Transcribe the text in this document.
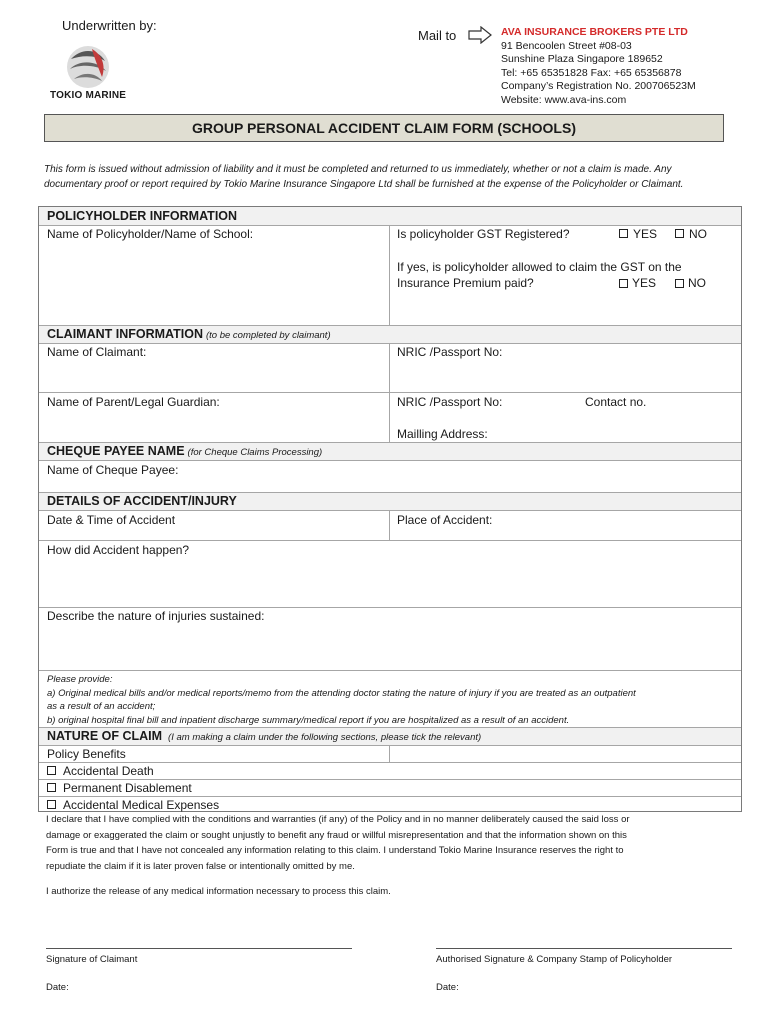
Underwritten by:
TOKIO MARINE
Mail to	AVA INSURANCE BROKERS PTE LTD
91 Bencoolen Street #08-03
Sunshine Plaza Singapore 189652
Tel: +65 65351828 Fax: +65 65356878
Company’s Registration No. 200706523M
Website: www.ava-ins.com
GROUP PERSONAL ACCIDENT CLAIM FORM (SCHOOLS)
This form is issued without admission of liability and it must be completed and returned to us immediately, whether or not a claim is made. Any
documentary proof or report required by Tokio Marine Insurance Singapore Ltd shall be furnished at the expense of the Policyholder or Claimant.
POLICYHOLDER INFORMATION
Name of Policyholder/Name of School:	Is policyholder GST Registered?	YES	NO
If yes, is policyholder allowed to claim the GST on the
Insurance Premium paid?	YES	NO
CLAIMANT INFORMATION (to be completed by claimant)
Name of Claimant:	NRIC /Passport No:
Name of Parent/Legal Guardian:	NRIC /Passport No:	Contact no.
Mailling Address:
CHEQUE PAYEE NAME (for Cheque Claims Processing)
Name of Cheque Payee:
DETAILS OF ACCIDENT/INJURY
Date & Time of Accident	Place of Accident:
How did Accident happen?
Describe the nature of injuries sustained:
Please provide:
a) Original medical bills and/or medical reports/memo from the attending doctor stating the nature of injury if you are treated as an outpatient
as a result of an accident;
b) original hospital final bill and inpatient discharge summary/medical report if you are hospitalized as a result of an accident.
NATURE OF CLAIM (I am making a claim under the following sections, please tick the relevant)
Policy Benefits
Accidental Death
Permanent Disablement
Accidental Medical Expenses
I declare that I have complied with the conditions and warranties (if any) of the Policy and in no manner deliberately caused the said loss or
damage or exaggerated the claim or sought unjustly to benefit any fraud or willful misrepresentation and that the information shown on this
Form is true and that I have not concealed any information relating to this claim. I understand Tokio Marine Insurance reserves the right to
repudiate the claim if it is later proven false or intentionally omitted by me.
I authorize the release of any medical information necessary to process this claim.
Signature of Claimant	Authorised Signature & Company Stamp of Policyholder
Date:	Date:
